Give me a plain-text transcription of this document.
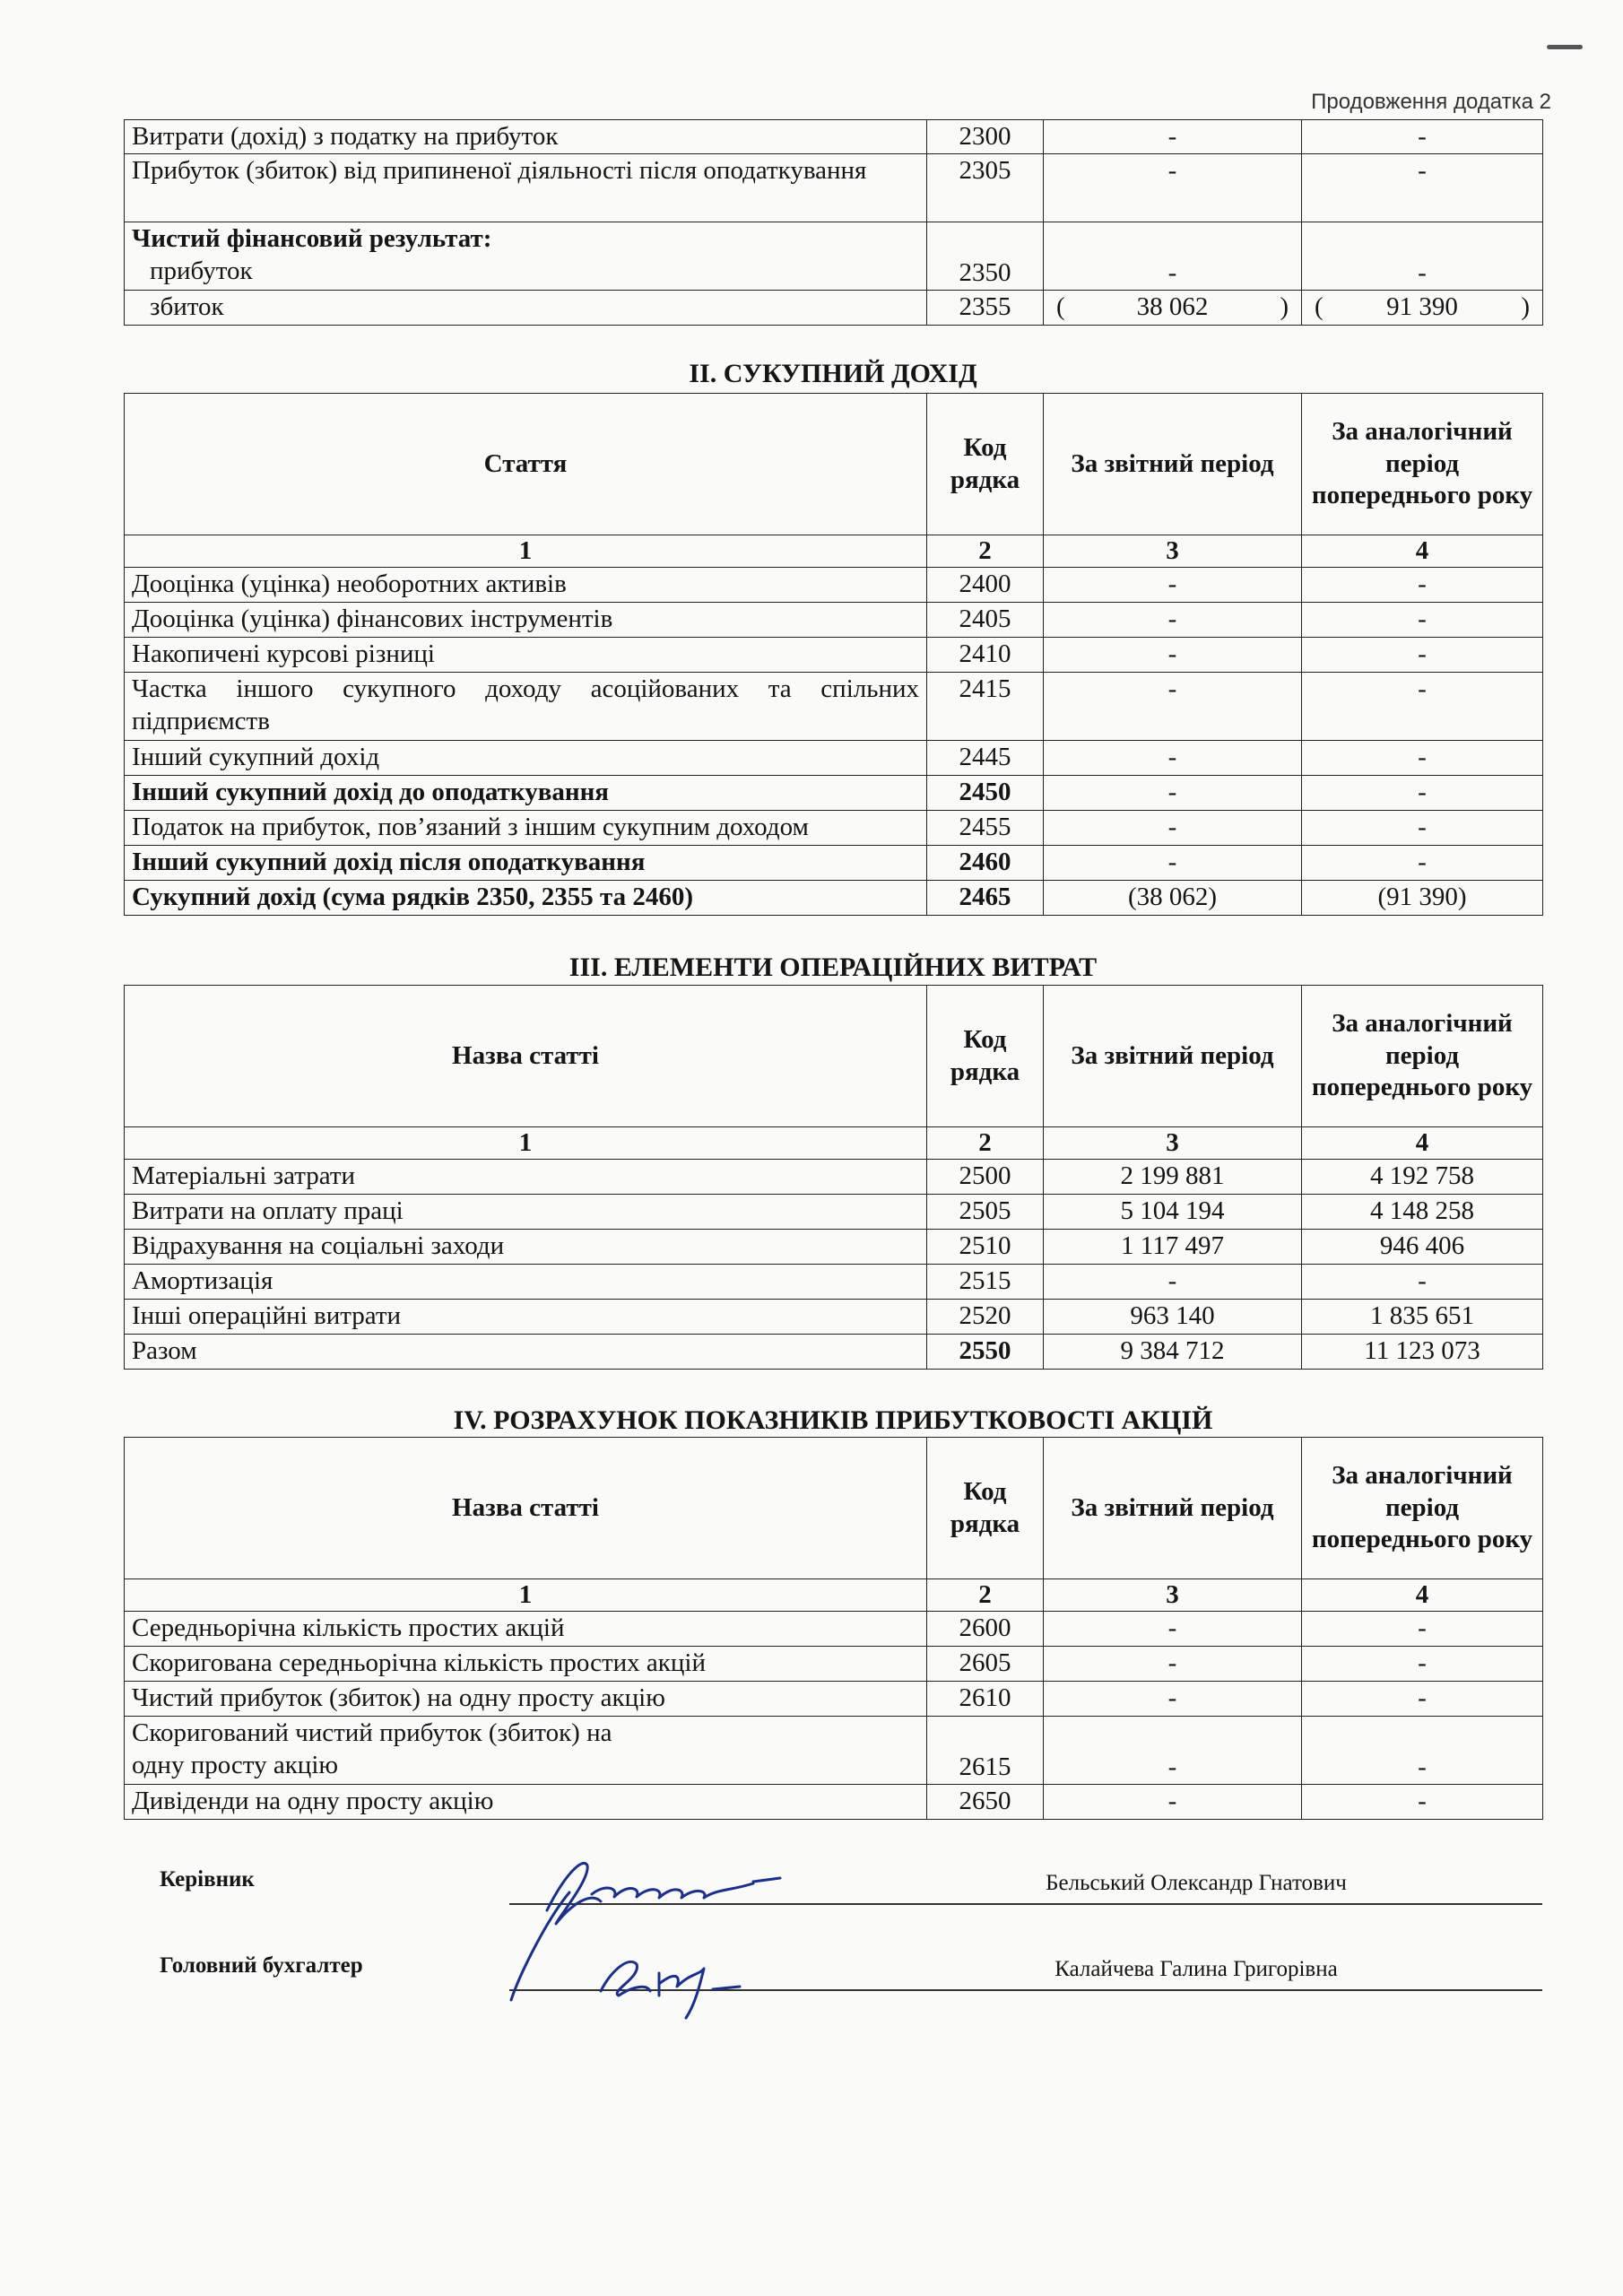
Продовження додатка 2
Витрати (дохід) з податку на прибуток	2300	-	-
Прибуток (збиток) від припиненої діяльності після оподаткування	2305	-	-

Чистий фінансовий результат:
прибуток	2350	-	-
збиток	2355	( 38 062 )	( 91 390 )
II. СУКУПНИЙ ДОХІД
Стаття	Код рядка	За звітний період	За аналогічний період попереднього року
1	2	3	4
Дооцінка (уцінка) необоротних активів	2400	-	-
Дооцінка (уцінка) фінансових інструментів	2405	-	-
Накопичені курсові різниці	2410	-	-
Частка іншого сукупного доходу асоційованих та спільних підприємств	2415	-	-
Інший сукупний дохід	2445	-	-
Інший сукупний дохід до оподаткування	2450	-	-
Податок на прибуток, пов’язаний з іншим сукупним доходом	2455	-	-
Інший сукупний дохід після оподаткування	2460	-	-
Сукупний дохід (сума рядків 2350, 2355 та 2460)	2465	(38 062)	(91 390)
III. ЕЛЕМЕНТИ ОПЕРАЦІЙНИХ ВИТРАТ
Назва статті	Код рядка	За звітний період	За аналогічний період попереднього року
1	2	3	4
Матеріальні затрати	2500	2 199 881	4 192 758
Витрати на оплату праці	2505	5 104 194	4 148 258
Відрахування на соціальні заходи	2510	1 117 497	946 406
Амортизація	2515	-	-
Інші операційні витрати	2520	963 140	1 835 651
Разом	2550	9 384 712	11 123 073
IV. РОЗРАХУНОК ПОКАЗНИКІВ ПРИБУТКОВОСТІ АКЦІЙ
Назва статті	Код рядка	За звітний період	За аналогічний період попереднього року
1	2	3	4
Середньорічна кількість простих акцій	2600	-	-
Скоригована середньорічна кількість простих акцій	2605	-	-
Чистий прибуток (збиток) на одну просту акцію	2610	-	-
Скоригований чистий прибуток (збиток) на одну просту акцію	2615	-	-
Дивіденди на одну просту акцію	2650	-	-
Керівник	Бельський Олександр Гнатович
Головний бухгалтер	Калайчева Галина Григорівна
